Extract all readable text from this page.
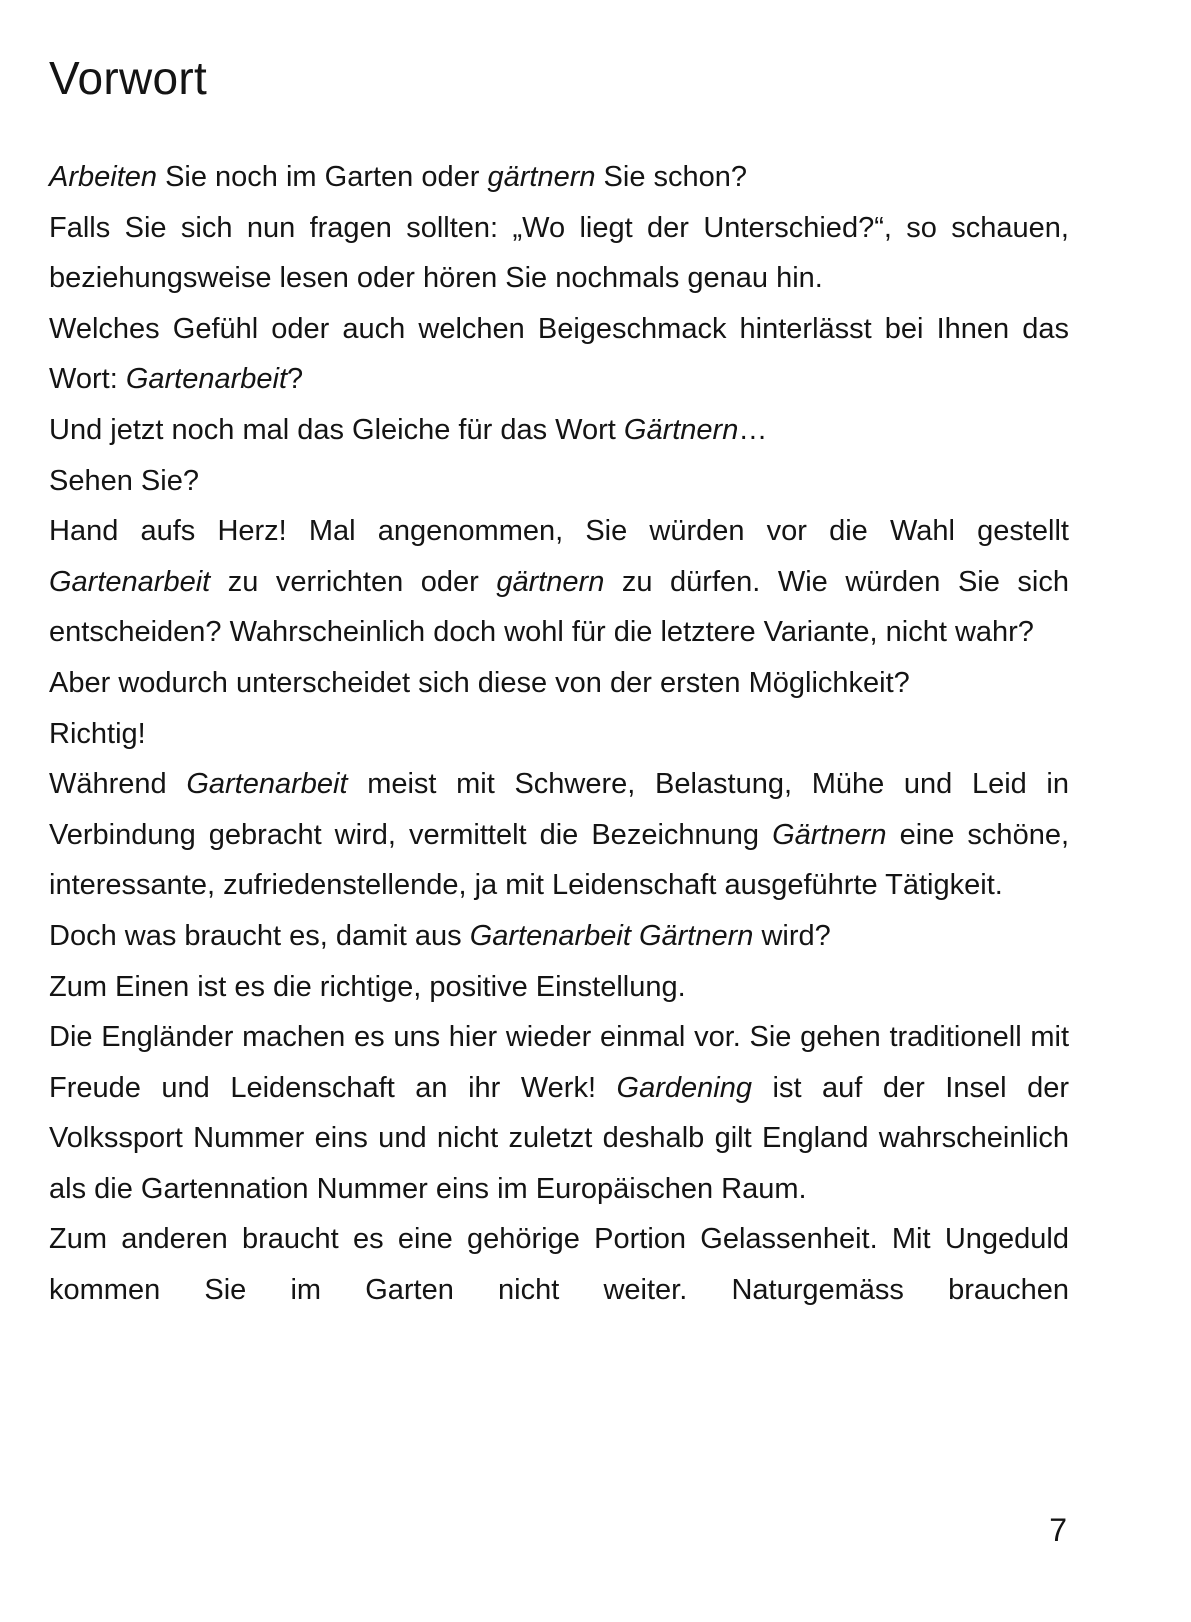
Vorwort

Arbeiten Sie noch im Garten oder gärtnern Sie schon?

Falls Sie sich nun fragen sollten: „Wo liegt der Unterschied?“, so schauen, beziehungsweise lesen oder hören Sie nochmals genau hin.

Welches Gefühl oder auch welchen Beigeschmack hinterlässt bei Ihnen das Wort: Gartenarbeit?

Und jetzt noch mal das Gleiche für das Wort Gärtnern…

Sehen Sie?

Hand aufs Herz! Mal angenommen, Sie würden vor die Wahl gestellt Gartenarbeit zu verrichten oder gärtnern zu dürfen. Wie würden Sie sich entscheiden? Wahrscheinlich doch wohl für die letztere Variante, nicht wahr?

Aber wodurch unterscheidet sich diese von der ersten Möglichkeit?

Richtig!

Während Gartenarbeit meist mit Schwere, Belastung, Mühe und Leid in Verbindung gebracht wird, vermittelt die Bezeichnung Gärtnern eine schöne, interessante, zufriedenstellende, ja mit Leidenschaft ausgeführte Tätigkeit.

Doch was braucht es, damit aus Gartenarbeit Gärtnern wird?

Zum Einen ist es die richtige, positive Einstellung.

Die Engländer machen es uns hier wieder einmal vor. Sie gehen traditionell mit Freude und Leidenschaft an ihr Werk! Gardening ist auf der Insel der Volkssport Nummer eins und nicht zuletzt deshalb gilt England wahrscheinlich als die Gartennation Nummer eins im Europäischen Raum.

Zum anderen braucht es eine gehörige Portion Gelassenheit. Mit Ungeduld kommen Sie im Garten nicht weiter. Naturgemäss brauchen

7
